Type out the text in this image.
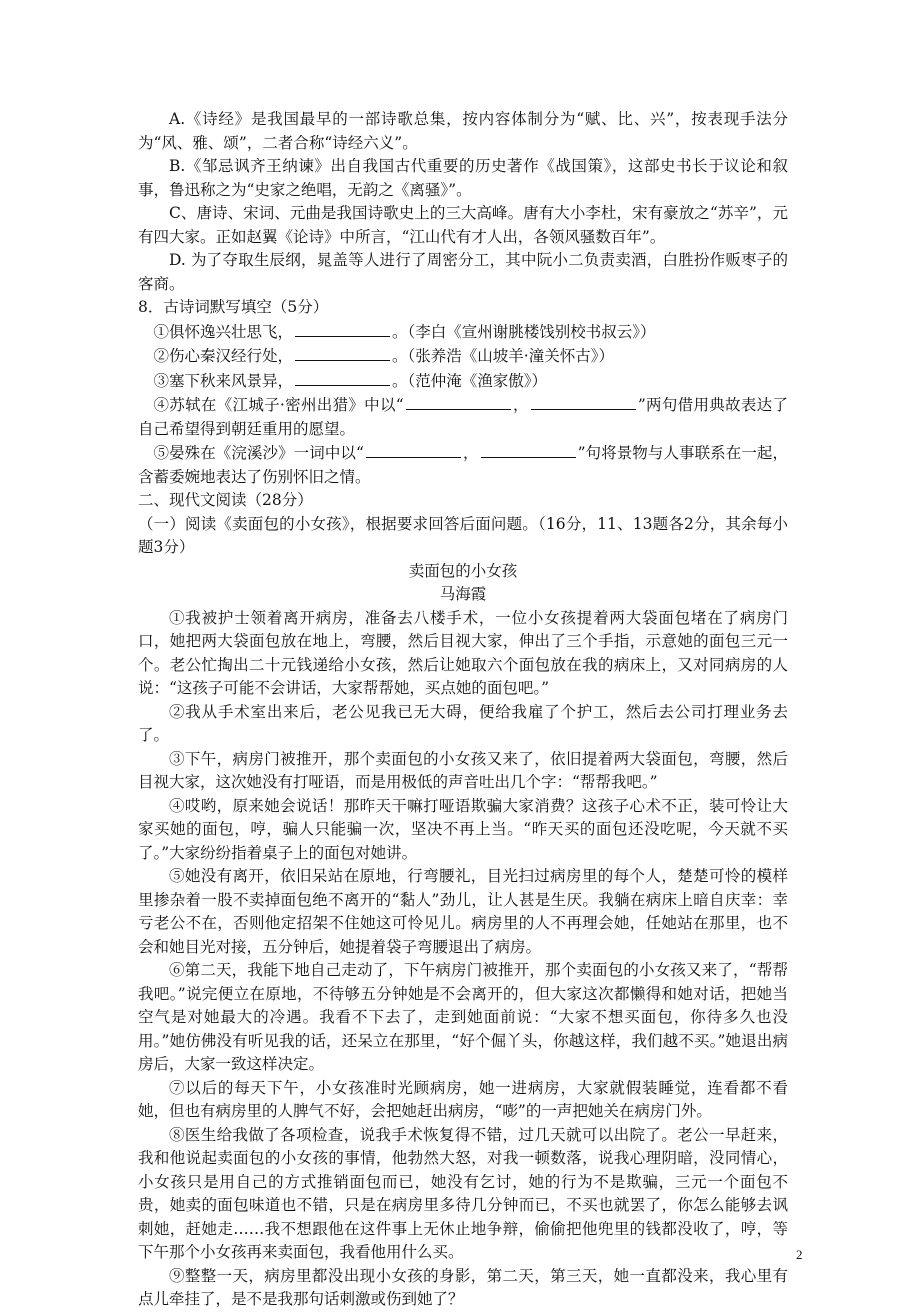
A.《诗经》是我国最早的一部诗歌总集，按内容体制分为“赋、比、兴”，按表现手法分为“风、雅、颂”，二者合称“诗经六义”。

B.《邹忌讽齐王纳谏》出自我国古代重要的历史著作《战国策》，这部史书长于议论和叙事，鲁迅称之为“史家之绝唱，无韵之《离骚》”。

C、唐诗、宋词、元曲是我国诗歌史上的三大高峰。唐有大小李杜，宋有豪放之“苏辛”，元有四大家。正如赵翼《论诗》中所言，“江山代有才人出，各领风骚数百年”。

D. 为了夺取生辰纲，晁盖等人进行了周密分工，其中阮小二负责卖酒，白胜扮作贩枣子的客商。

8．古诗词默写填空（5分）

①俱怀逸兴壮思飞，	。（李白《宣州谢朓楼饯别校书叔云》）

②伤心秦汉经行处，	。（张养浩《山坡羊·潼关怀古》）

③塞下秋来风景异，	。（范仲淹《渔家傲》）

④苏轼在《江城子·密州出猎》中以“	，	”两句借用典故表达了自己希望得到朝廷重用的愿望。

⑤晏殊在《浣溪沙》一词中以“	，	”句将景物与人事联系在一起，含蓄委婉地表达了伤别怀旧之情。

二、现代文阅读（28分）

（一）阅读《卖面包的小女孩》，根据要求回答后面问题。（16分，11、13题各2分，其余每小题3分）

卖面包的小女孩

马海霞

①我被护士领着离开病房，准备去八楼手术，一位小女孩提着两大袋面包堵在了病房门口，她把两大袋面包放在地上，弯腰，然后目视大家，伸出了三个手指，示意她的面包三元一个。老公忙掏出二十元钱递给小女孩，然后让她取六个面包放在我的病床上，又对同病房的人说：“这孩子可能不会讲话，大家帮帮她，买点她的面包吧。”

②我从手术室出来后，老公见我已无大碍，便给我雇了个护工，然后去公司打理业务去了。

③下午，病房门被推开，那个卖面包的小女孩又来了，依旧提着两大袋面包，弯腰，然后目视大家，这次她没有打哑语，而是用极低的声音吐出几个字：“帮帮我吧。”

④哎哟，原来她会说话！那昨天干嘛打哑语欺骗大家消费？这孩子心术不正，装可怜让大家买她的面包，哼，骗人只能骗一次，坚决不再上当。“昨天买的面包还没吃呢，今天就不买了。”大家纷纷指着桌子上的面包对她讲。

⑤她没有离开，依旧呆站在原地，行弯腰礼，目光扫过病房里的每个人，楚楚可怜的模样里掺杂着一股不卖掉面包绝不离开的“黏人”劲儿，让人甚是生厌。我躺在病床上暗自庆幸：幸亏老公不在，否则他定招架不住她这可怜见儿。病房里的人不再理会她，任她站在那里，也不会和她目光对接，五分钟后，她提着袋子弯腰退出了病房。

⑥第二天，我能下地自己走动了，下午病房门被推开，那个卖面包的小女孩又来了，“帮帮我吧。”说完便立在原地，不待够五分钟她是不会离开的，但大家这次都懒得和她对话，把她当空气是对她最大的冷遇。我看不下去了，走到她面前说：“大家不想买面包，你待多久也没用。”她仿佛没有听见我的话，还呆立在那里，“好个倔丫头，你越这样，我们越不买。”她退出病房后，大家一致这样决定。

⑦以后的每天下午，小女孩准时光顾病房，她一进病房，大家就假装睡觉，连看都不看她，但也有病房里的人脾气不好，会把她赶出病房，“嘭”的一声把她关在病房门外。

⑧医生给我做了各项检查，说我手术恢复得不错，过几天就可以出院了。老公一早赶来，我和他说起卖面包的小女孩的事情，他勃然大怒，对我一顿数落，说我心理阴暗，没同情心，小女孩只是用自己的方式推销面包而已，她没有乞讨，她的行为不是欺骗，三元一个面包不贵，她卖的面包味道也不错，只是在病房里多待几分钟而已，不买也就罢了，你怎么能够去讽刺她，赶她走……我不想跟他在这件事上无休止地争辩，偷偷把他兜里的钱都没收了，哼，等下午那个小女孩再来卖面包，我看他用什么买。

⑨整整一天，病房里都没出现小女孩的身影，第二天，第三天，她一直都没来，我心里有点儿牵挂了，是不是我那句话刺激或伤到她了？

2
